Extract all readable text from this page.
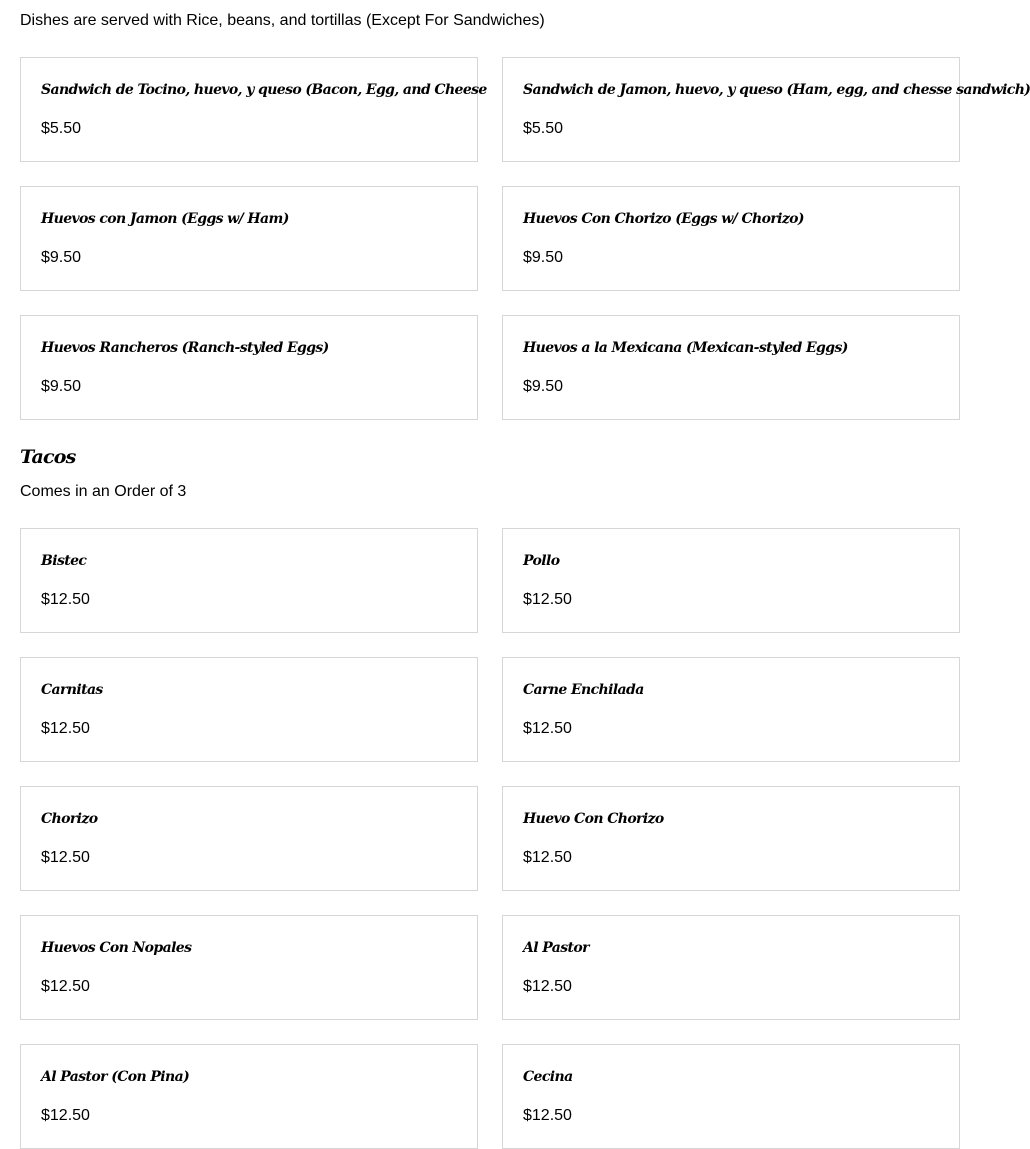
Dishes are served with Rice, beans, and tortillas (Except For Sandwiches)

Sandwich de Tocino, huevo, y queso (Bacon, Egg, and Cheese

$5.50

Sandwich de Jamon, huevo, y queso (Ham, egg, and chesse sandwich)

$5.50

Huevos con Jamon (Eggs w/ Ham)

$9.50

Huevos Con Chorizo (Eggs w/ Chorizo)

$9.50

Huevos Rancheros (Ranch-styled Eggs)

$9.50

Huevos a la Mexicana (Mexican-styled Eggs)

$9.50
Tacos

Comes in an Order of 3

Bistec

$12.50

Pollo

$12.50

Carnitas

$12.50

Carne Enchilada

$12.50

Chorizo

$12.50

Huevo Con Chorizo

$12.50

Huevos Con Nopales

$12.50

Al Pastor

$12.50

Al Pastor (Con Pina)

$12.50

Cecina

$12.50
